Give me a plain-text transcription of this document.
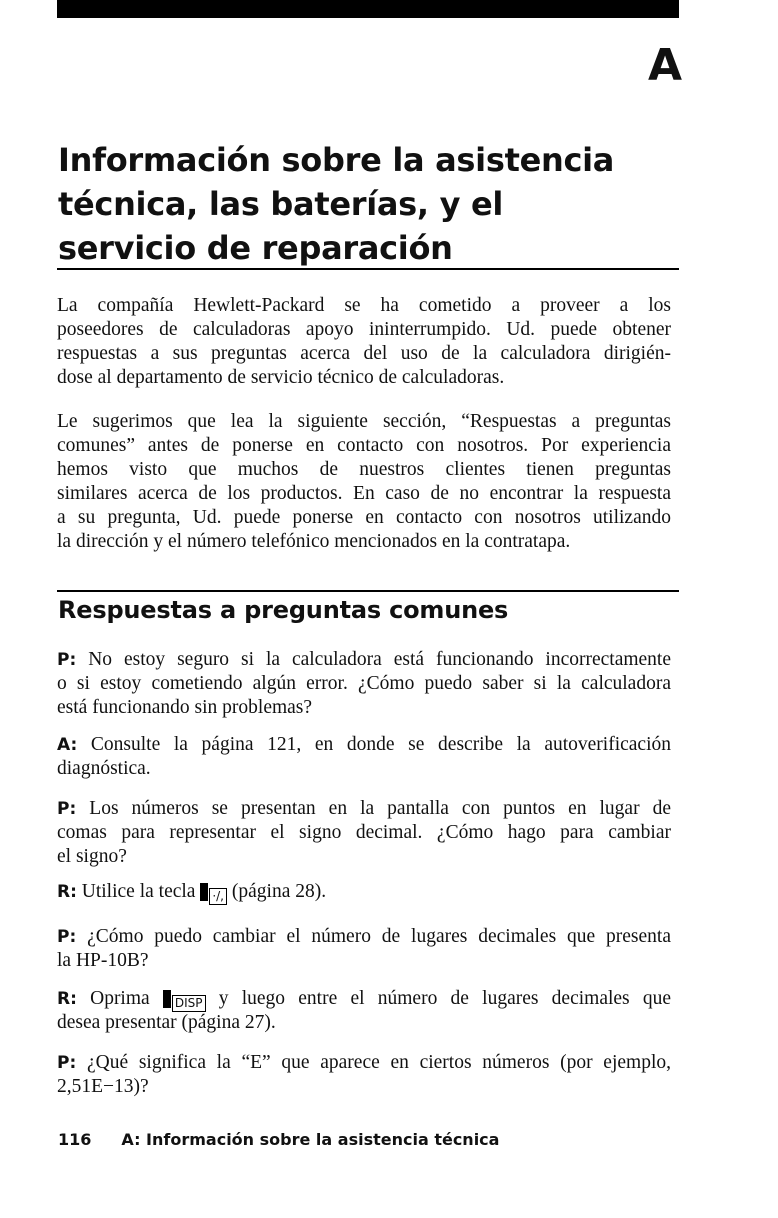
A
Información sobre la asistencia
técnica, las baterías, y el
servicio de reparación
La compañía Hewlett-Packard se ha cometido a proveer a los
poseedores de calculadoras apoyo ininterrumpido. Ud. puede obtener
respuestas a sus preguntas acerca del uso de la calculadora dirigién-
dose al departamento de servicio técnico de calculadoras.
Le sugerimos que lea la siguiente sección, “Respuestas a preguntas
comunes” antes de ponerse en contacto con nosotros. Por experiencia
hemos visto que muchos de nuestros clientes tienen preguntas
similares acerca de los productos. En caso de no encontrar la respuesta
a su pregunta, Ud. puede ponerse en contacto con nosotros utilizando
la dirección y el número telefónico mencionados en la contratapa.
Respuestas a preguntas comunes
P: No estoy seguro si la calculadora está funcionando incorrectamente
o si estoy cometiendo algún error. ¿Cómo puedo saber si la calculadora
está funcionando sin problemas?
A: Consulte la página 121, en donde se describe la autoverificación
diagnóstica.
P: Los números se presentan en la pantalla con puntos en lugar de
comas para representar el signo decimal. ¿Cómo hago para cambiar
el signo?
R: Utilice la tecla ⋅/, (página 28).
P: ¿Cómo puedo cambiar el número de lugares decimales que presenta
la HP-10B?
R: Oprima DISP y luego entre el número de lugares decimales que
desea presentar (página 27).
P: ¿Qué significa la “E” que aparece en ciertos números (por ejemplo,
2,51E−13)?
116 A: Información sobre la asistencia técnica
